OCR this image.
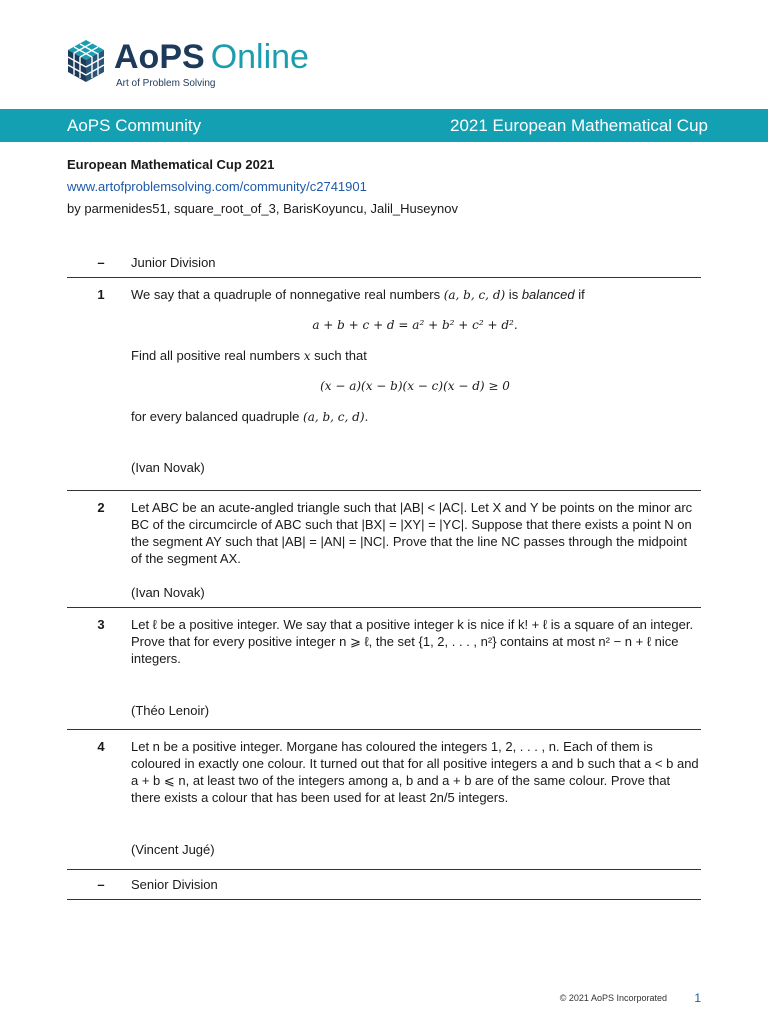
AoPS Online
Art of Problem Solving
AoPS Community	2021 European Mathematical Cup
European Mathematical Cup 2021
www.artofproblemsolving.com/community/c2741901
by parmenides51, square_root_of_3, BarisKoyuncu, Jalil_Huseynov
–	Junior Division
1	We say that a quadruple of nonnegative real numbers (a, b, c, d) is balanced if

a + b + c + d = a² + b² + c² + d².

Find all positive real numbers x such that

(x − a)(x − b)(x − c)(x − d) ≥ 0

for every balanced quadruple (a, b, c, d).

(Ivan Novak)

2	Let ABC be an acute-angled triangle such that |AB| < |AC|. Let X and Y be points on the minor arc BC of the circumcircle of ABC such that |BX| = |XY| = |YC|. Suppose that there exists a point N on the segment AY such that |AB| = |AN| = |NC|. Prove that the line NC passes through the midpoint of the segment AX.

(Ivan Novak)

3	Let ℓ be a positive integer. We say that a positive integer k is nice if k! + ℓ is a square of an integer. Prove that for every positive integer n ⩾ ℓ, the set {1, 2, . . . , n²} contains at most n² − n + ℓ nice integers.

(Théo Lenoir)

4	Let n be a positive integer. Morgane has coloured the integers 1, 2, . . . , n. Each of them is coloured in exactly one colour. It turned out that for all positive integers a and b such that a < b and a + b ⩽ n, at least two of the integers among a, b and a + b are of the same colour. Prove that there exists a colour that has been used for at least 2n/5 integers.

(Vincent Jugé)

–	Senior Division
© 2021 AoPS Incorporated 1
